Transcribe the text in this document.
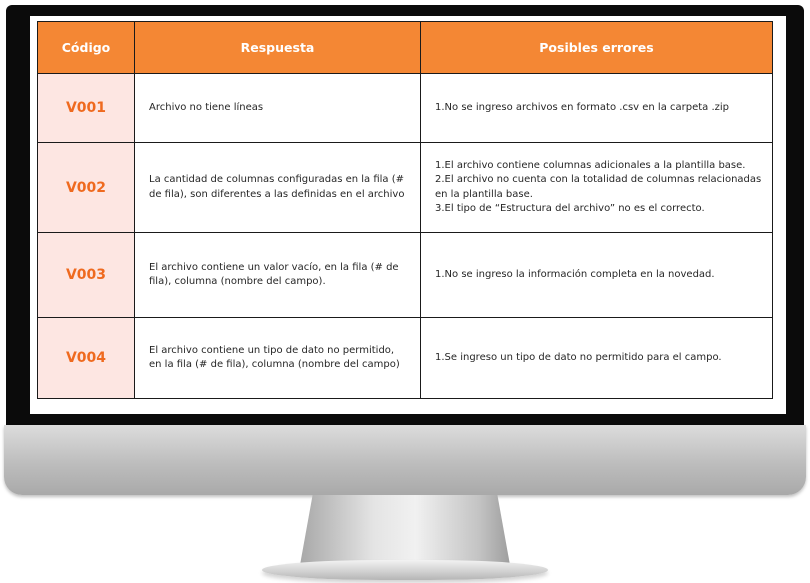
Código	Respuesta	Posibles errores
V001	Archivo no tiene líneas	1.No se ingreso archivos en formato .csv en la carpeta .zip

V002	La cantidad de columnas configuradas en la fila (# de fila), son diferentes a las definidas en el archivo	1.El archivo contiene columnas adicionales a la plantilla base.
2.El archivo no cuenta con la totalidad de columnas relacionadas en la plantilla base.
3.El tipo de “Estructura del archivo” no es el correcto.

V003	El archivo contiene un valor vacío, en la fila (# de fila), columna (nombre del campo).	1.No se ingreso la información completa en la novedad.

V004	El archivo contiene un tipo de dato no permitido, en la fila (# de fila), columna (nombre del campo)	1.Se ingreso un tipo de dato no permitido para el campo.
